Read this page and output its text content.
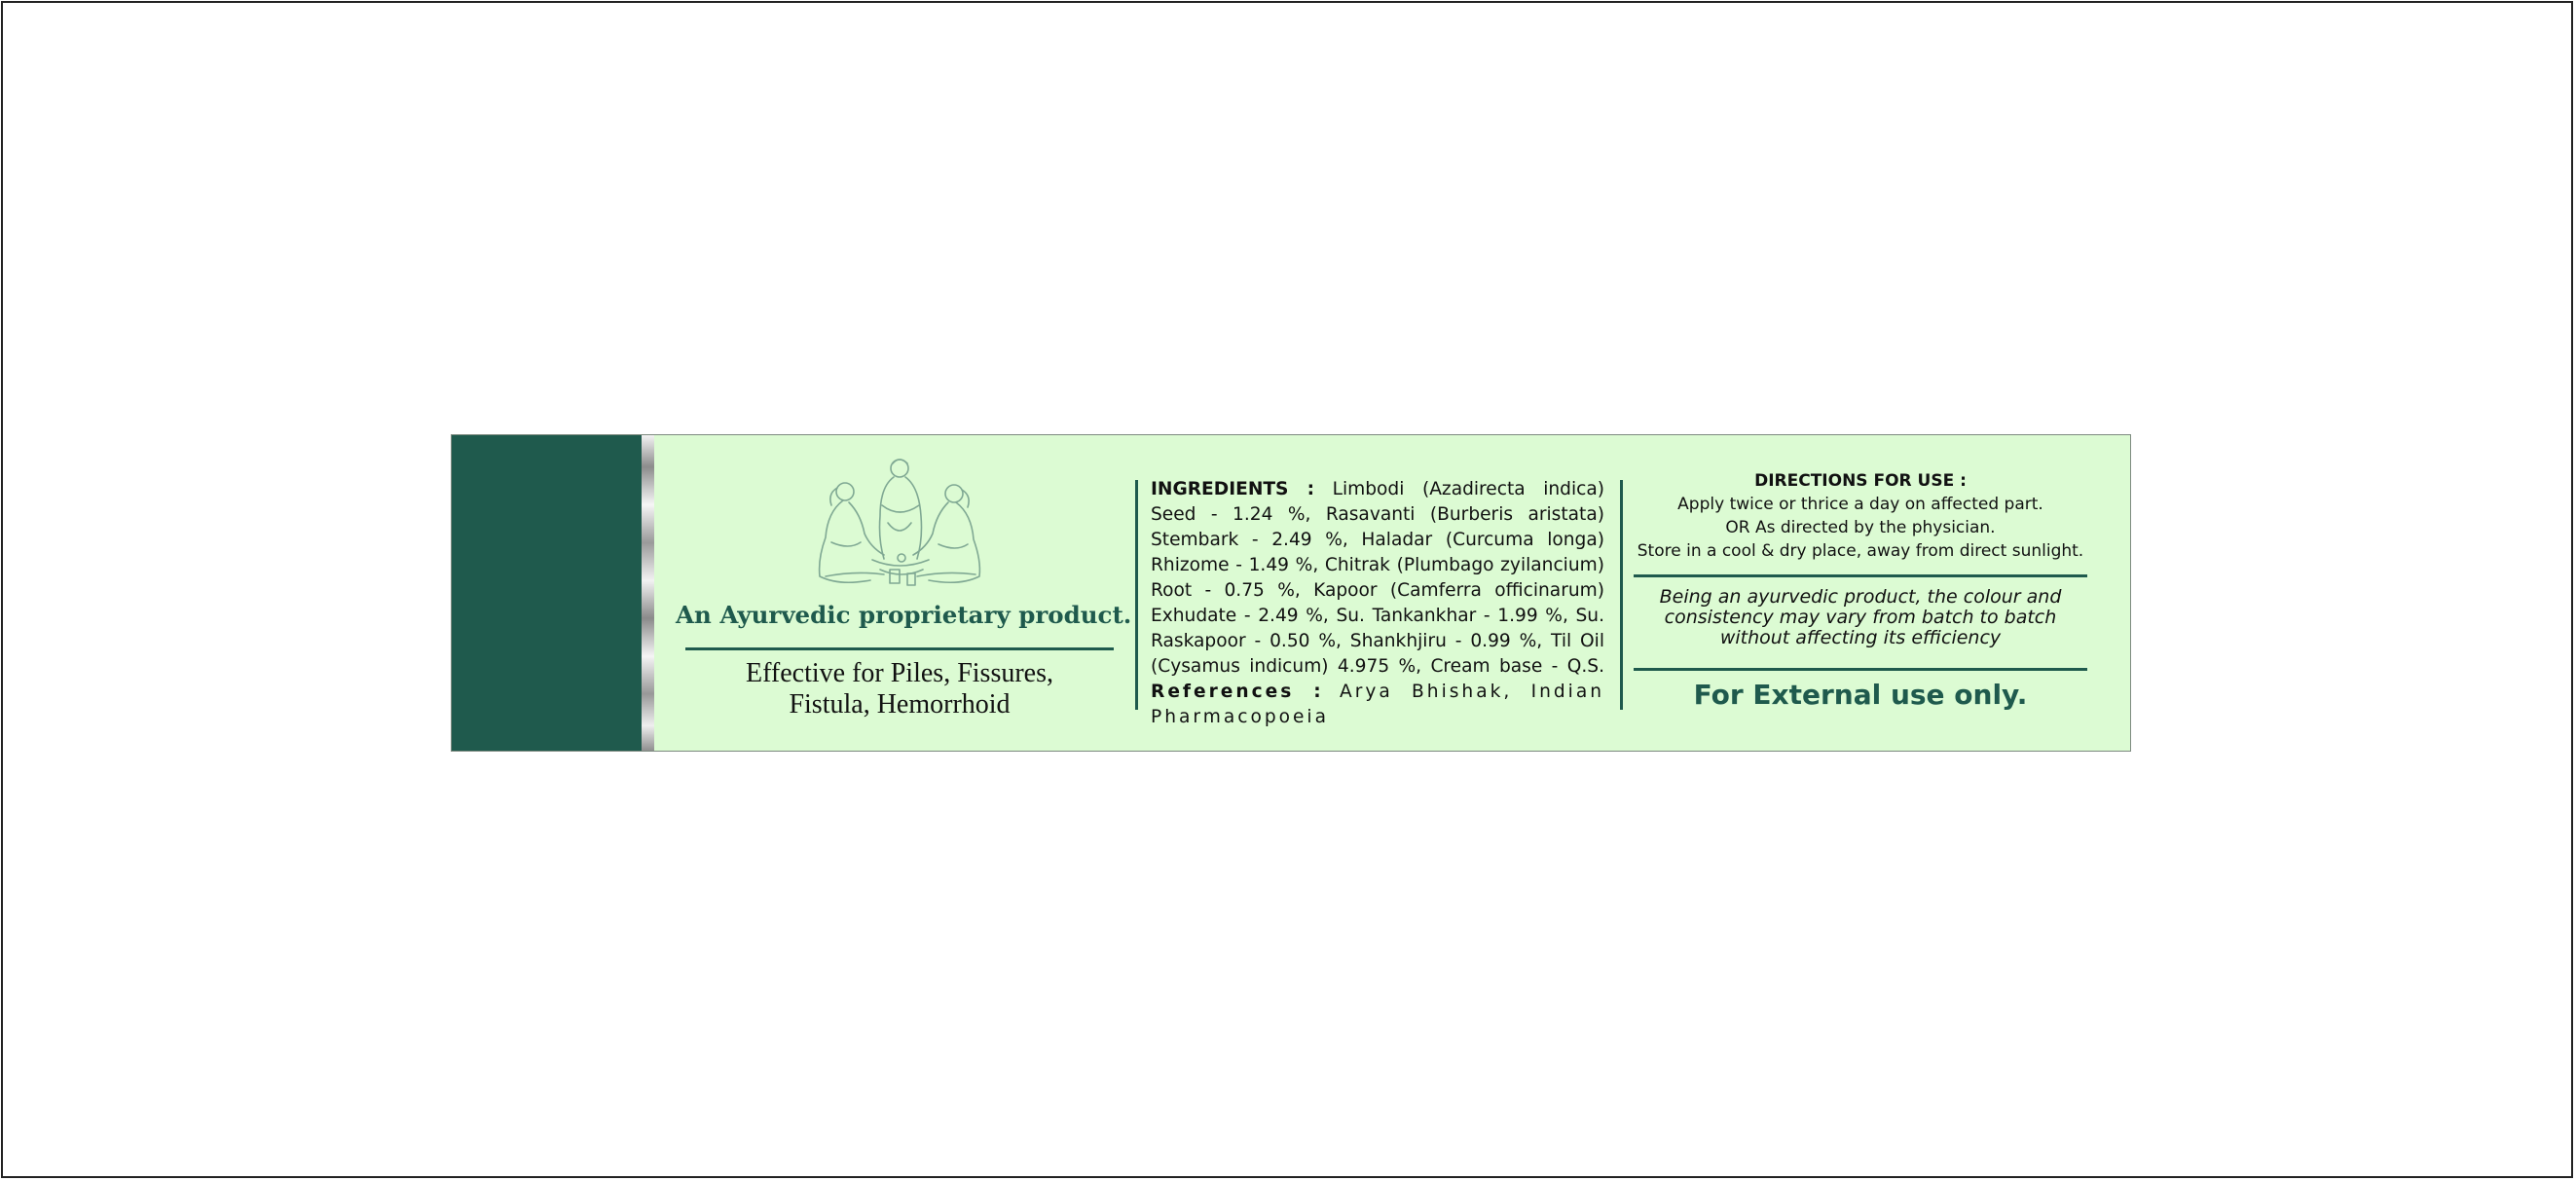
An Ayurvedic proprietary product.
Effective for Piles, Fissures,
Fistula, Hemorrhoid
INGREDIENTS : Limbodi (Azadirecta indica) Seed - 1.24 %, Rasavanti (Burberis aristata) Stembark - 2.49 %, Haladar (Curcuma longa) Rhizome - 1.49 %, Chitrak (Plumbago zyilancium) Root - 0.75 %, Kapoor (Camferra officinarum) Exhudate - 2.49 %, Su. Tankankhar - 1.99 %, Su. Raskapoor - 0.50 %, Shankhjiru - 0.99 %, Til Oil (Cysamus indicum) 4.975 %, Cream base - Q.S. References : Arya Bhishak, Indian Pharmacopoeia
DIRECTIONS FOR USE :
Apply twice or thrice a day on affected part.
OR As directed by the physician.
Store in a cool & dry place, away from direct sunlight.
Being an ayurvedic product, the colour and
consistency may vary from batch to batch
without affecting its efficiency
For External use only.
